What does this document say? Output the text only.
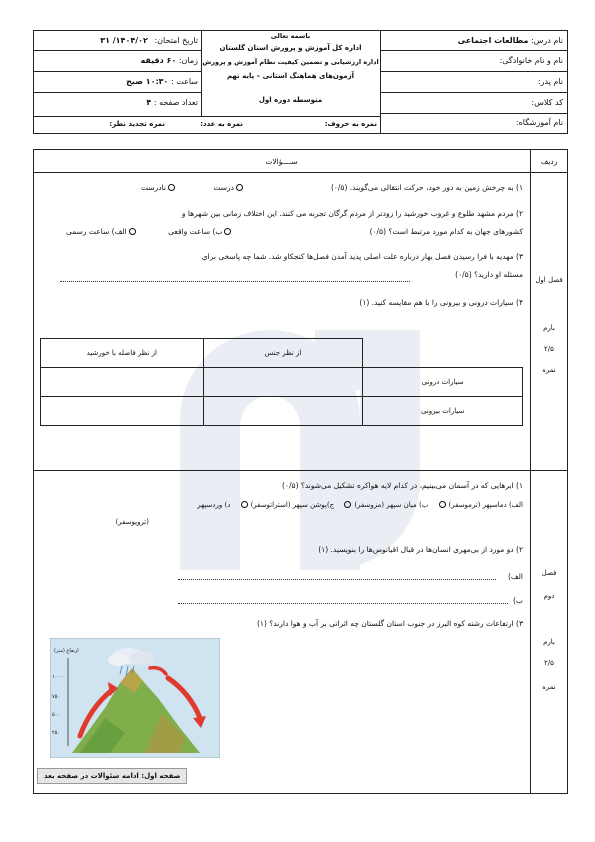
نام درس: مطالعات اجتماعی
نام و نام خانوادگی:
نام پدر:
کد کلاس:
نام آموزشگاه:
باسمه تعالی
اداره کل آموزش و پرورش استان گلستان
اداره ارزشیابی و تضمین کیفیت نظام آموزش و پرورش
آزمون‌های هماهنگ استانی – پایه نهم
متوسطه دوره اول
تاریخ امتحان: ۱۴۰۴/۰۲/ ۳۱
زمان: ۶۰ دقیقه
ساعت : ۱۰:۳۰ صبح
تعداد صفحه : ۴
نمره به حروف:
نمره به عدد:
نمره تجدید نظر:
ردیف
ســــؤالات
فصل اول
بارم
۲/۵
نمره
۱) به چرخش زمین به دور خود، حرکت انتقالی می‌گویند. (۰/۵)
درست نادرست
۲) مردم مشهد طلوع و غروب خورشید را زودتر از مردم گرگان تجربه می کنند. این اختلاف زمانی بین شهرها و
کشورهای جهان به کدام مورد مرتبط است؟ (۰/۵)
ب) ساعت واقعی الف) ساعت رسمی
۳) مهدیه با فرا رسیدن فصل بهار درباره علت اصلی پدید آمدن فصل‌ها کنجکاو شد. شما چه پاسخی برای
مسئله او دارید؟ (۰/۵)
۴) سیارات درونی و بیرونی را با هم مقایسه کنید. (۱)
	از نظر جنس	از نظر فاصله با خورشید
سیارات درونی		
سیارات بیرونی		
فصل
دوم
بارم
۲/۵
نمره
۱) ابرهایی که در آسمان می‌بینیم، در کدام لایه هواکره تشکیل می‌شوند؟ (۰/۵)
الف) دماسپهر (ترموسفر) ب) میان سپهر (مزوسفر) ج)پوشن سپهر (استراتوسفر) د) وردسپهر
(تروپوسفر)
۲) دو مورد از بی‌مهری انسان‌ها در قبال اقیانوس‌ها را بنویسید. (۱)
الف)
ب)
۳) ارتفاعات رشته کوه البرز در جنوب استان گلستان چه اثراتی بر آب و هوا دارند؟ (۱)
ارتفاع (متر)
۱۰۰۰
۷۵۰
۵۰۰
۲۵۰
صفحه اول: ادامه سئوالات در صفحه بعد
